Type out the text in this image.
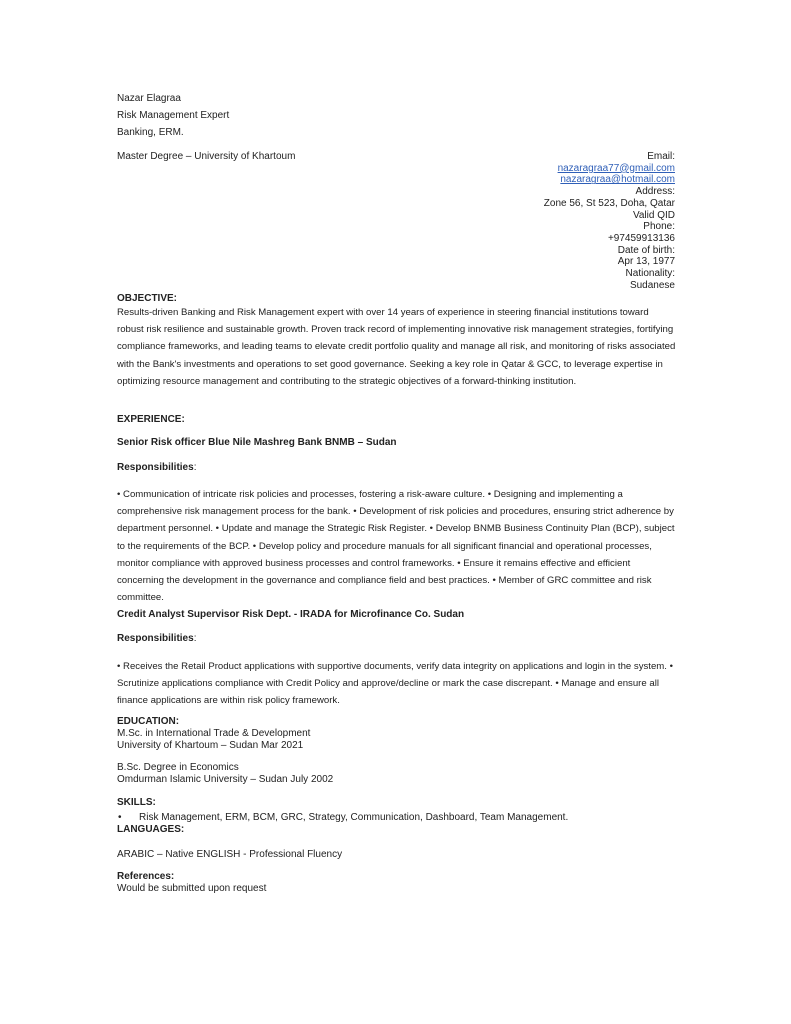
Nazar Elagraa
Risk Management Expert
Banking, ERM.
Master Degree – University of Khartoum	Email:
nazaragraa77@gmail.com
nazaragraa@hotmail.com
Address:
Zone 56, St 523, Doha, Qatar
Valid QID
Phone:
+97459913136
Date of birth:
Apr 13, 1977
Nationality:
Sudanese
OBJECTIVE:
Results-driven Banking and Risk Management expert with over 14 years of experience in steering financial institutions toward robust risk resilience and sustainable growth. Proven track record of implementing innovative risk management strategies, fortifying compliance frameworks, and leading teams to elevate credit portfolio quality and manage all risk, and monitoring of risks associated with the Bank's investments and operations to set good governance. Seeking a key role in Qatar & GCC, to leverage expertise in optimizing resource management and contributing to the strategic objectives of a forward-thinking institution.
EXPERIENCE:
Senior Risk officer Blue Nile Mashreg Bank BNMB – Sudan
Responsibilities:
• Communication of intricate risk policies and processes, fostering a risk-aware culture. • Designing and implementing a comprehensive risk management process for the bank. • Development of risk policies and procedures, ensuring strict adherence by department personnel. • Update and manage the Strategic Risk Register. • Develop BNMB Business Continuity Plan (BCP), subject to the requirements of the BCP. • Develop policy and procedure manuals for all significant financial and operational processes, monitor compliance with approved business processes and control frameworks. • Ensure it remains effective and efficient concerning the development in the governance and compliance field and best practices. • Member of GRC committee and risk committee.
Credit Analyst Supervisor Risk Dept. - IRADA for Microfinance Co. Sudan
Responsibilities:
• Receives the Retail Product applications with supportive documents, verify data integrity on applications and login in the system. • Scrutinize applications compliance with Credit Policy and approve/decline or mark the case discrepant. • Manage and ensure all finance applications are within risk policy framework.
EDUCATION:
M.Sc. in International Trade & Development
University of Khartoum – Sudan Mar 2021
B.Sc. Degree in Economics
Omdurman Islamic University – Sudan July 2002
SKILLS:
• Risk Management, ERM, BCM, GRC, Strategy, Communication, Dashboard, Team Management.
LANGUAGES:
ARABIC – Native ENGLISH - Professional Fluency
References:
Would be submitted upon request
